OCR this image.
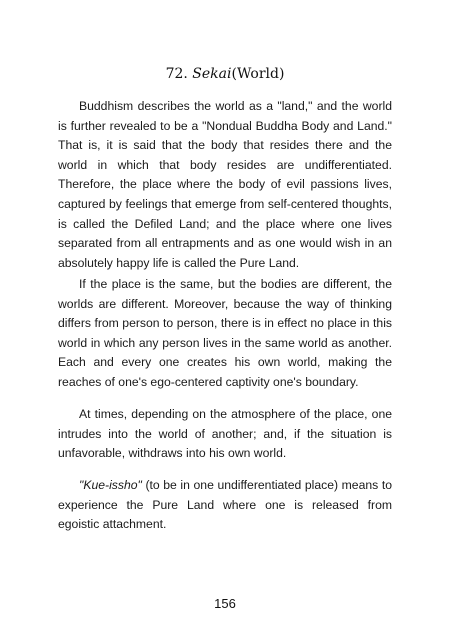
72. Sekai(World)

Buddhism describes the world as a "land," and the world is further revealed to be a "Nondual Buddha Body and Land." That is, it is said that the body that resides there and the world in which that body resides are undifferentiated. Therefore, the place where the body of evil passions lives, captured by feelings that emerge from self-centered thoughts, is called the Defiled Land; and the place where one lives separated from all entrapments and as one would wish in an absolutely happy life is called the Pure Land.

If the place is the same, but the bodies are different, the worlds are different. Moreover, because the way of thinking differs from person to person, there is in effect no place in this world in which any person lives in the same world as another. Each and every one creates his own world, making the reaches of one's ego-centered captivity one's boundary.

At times, depending on the atmosphere of the place, one intrudes into the world of another; and, if the situation is unfavorable, withdraws into his own world.

"Kue-issho" (to be in one undifferentiated place) means to experience the Pure Land where one is released from egoistic attachment.

156
